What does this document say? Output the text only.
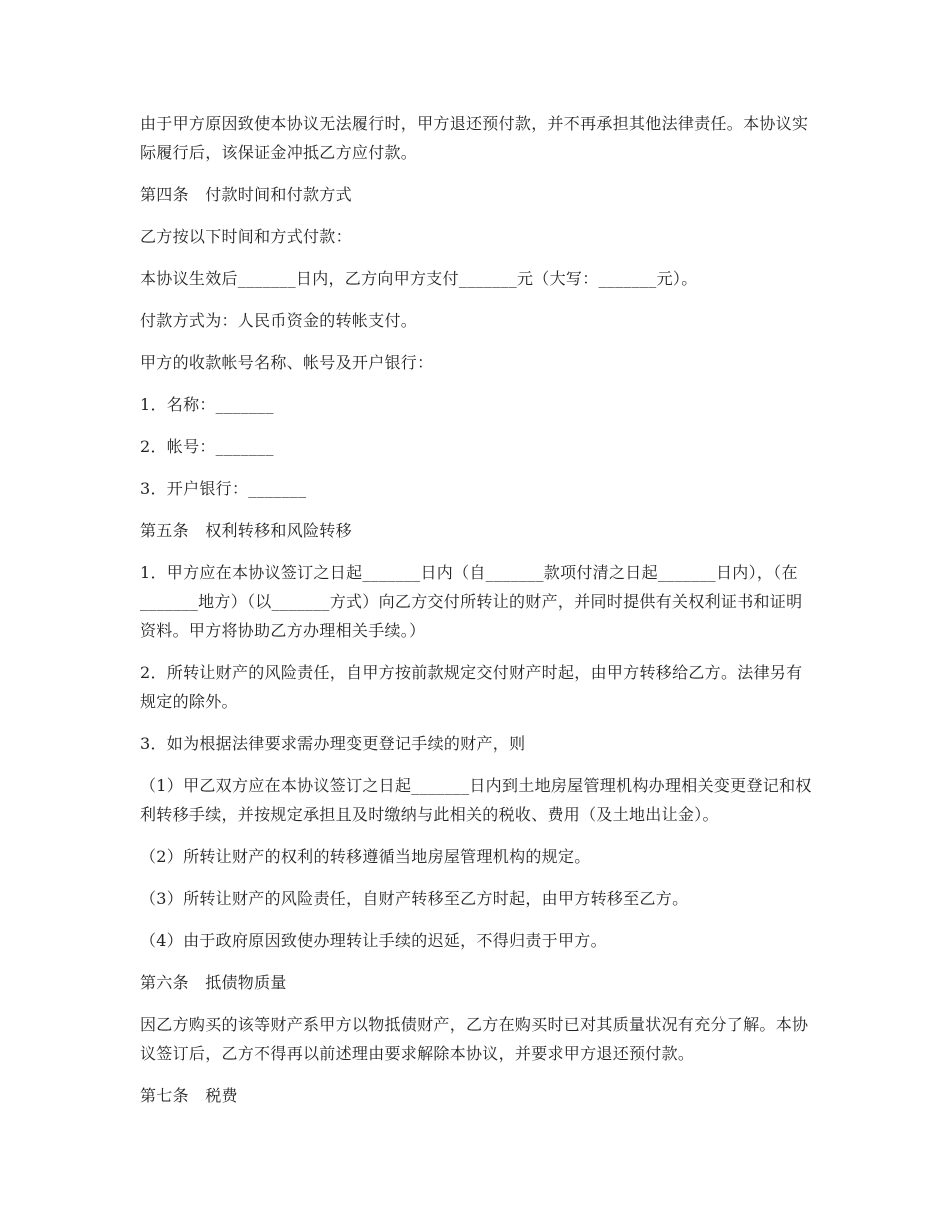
由于甲方原因致使本协议无法履行时，甲方退还预付款，并不再承担其他法律责任。本协议实际履行后，该保证金冲抵乙方应付款。

第四条　付款时间和付款方式

乙方按以下时间和方式付款：

本协议生效后_______日内，乙方向甲方支付_______元（大写：_______元）。

付款方式为：人民币资金的转帐支付。

甲方的收款帐号名称、帐号及开户银行：

1．名称：_______

2．帐号：_______

3．开户银行：_______

第五条　权利转移和风险转移

1．甲方应在本协议签订之日起_______日内（自_______款项付清之日起_______日内），（在_______地方）（以_______方式）向乙方交付所转让的财产，并同时提供有关权利证书和证明资料。甲方将协助乙方办理相关手续。）

2．所转让财产的风险责任，自甲方按前款规定交付财产时起，由甲方转移给乙方。法律另有规定的除外。

3．如为根据法律要求需办理变更登记手续的财产，则

（1）甲乙双方应在本协议签订之日起_______日内到土地房屋管理机构办理相关变更登记和权利转移手续，并按规定承担且及时缴纳与此相关的税收、费用（及土地出让金）。

（2）所转让财产的权利的转移遵循当地房屋管理机构的规定。

（3）所转让财产的风险责任，自财产转移至乙方时起，由甲方转移至乙方。

（4）由于政府原因致使办理转让手续的迟延，不得归责于甲方。

第六条　抵债物质量

因乙方购买的该等财产系甲方以物抵债财产，乙方在购买时已对其质量状况有充分了解。本协议签订后，乙方不得再以前述理由要求解除本协议，并要求甲方退还预付款。

第七条　税费
